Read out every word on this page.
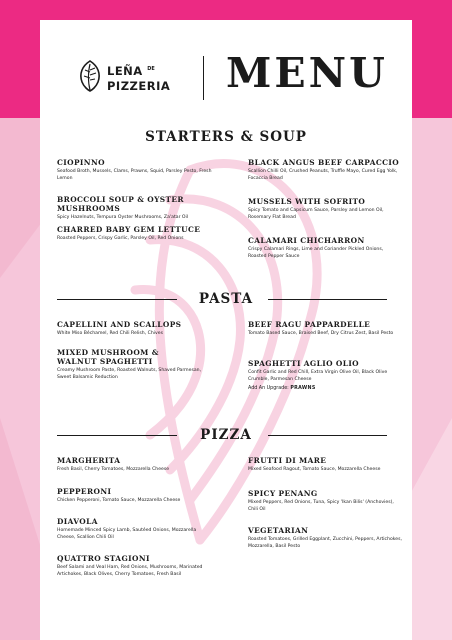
LEÑA $^{DE}$
PIZZERIA MENU
STARTERS & SOUP
CIOPINNO
Seafood Broth, Mussels, Clams, Prawns, Squid, Parsley Pesto, Fresh Lemon
BROCCOLI SOUP & OYSTER MUSHROOMS
Spicy Hazelnuts, Tempura Oyster Mushrooms, Za'atar Oil
CHARRED BABY GEM LETTUCE
Roasted Peppers, Crispy Garlic, Parsley Oil, Red Onions
BLACK ANGUS BEEF CARPACCIO
Scallion Chilli Oil, Crushed Peanuts, Truffle Mayo, Cured Egg Yolk, Focaccia Bread
MUSSELS WITH SOFRITO
Spicy Tomato and Capsicum Sauce, Parsley and Lemon Oil, Rosemary Flat Bread
CALAMARI CHICHARRON
Crispy Calamari Rings, Lime and Coriander Pickled Onions, Roasted Pepper Sauce
PASTA
CAPELLINI AND SCALLOPS
White Miso Béchamel, Red Chili Relish, Chives
MIXED MUSHROOM & WALNUT SPAGHETTI
Creamy Mushroom Paste, Roasted Walnuts, Shaved Parmesan, Sweet Balsamic Reduction
BEEF RAGU PAPPARDELLE
Tomato Based Sauce, Braised Beef, Dry Citrus Zest, Basil Pesto
SPAGHETTI AGLIO OLIO
Confit Garlic and Red Chill, Extra Virgin Olive Oil, Black Olive Crumble, Parmesan Cheese
Add An Upgrade: PRAWNS
PIZZA
MARGHERITA
Fresh Basil, Cherry Tomatoes, Mozzarella Cheese
PEPPERONI
Chicken Pepperoni, Tomato Sauce, Mozzarella Cheese
DIAVOLA
Homemade Minced Spicy Lamb, Sautéed Onions, Mozzarella Cheese, Scallion Chili Oil
QUATTRO STAGIONI
Beef Salami and Veal Ham, Red Onions, Mushrooms, Marinated Artichokes, Black Olives, Cherry Tomatoes, Fresh Basil
FRUTTI DI MARE
Mixed Seafood Ragout, Tomato Sauce, Mozzarella Cheese
SPICY PENANG
Mixed Peppers, Red Onions, Tuna, Spicy 'Ikan Bilis' (Anchovies), Chili Oil
VEGETARIAN
Roasted Tomatoes, Grilled Eggplant, Zucchini, Peppers, Artichokes, Mozzarella, Basil Pesto
